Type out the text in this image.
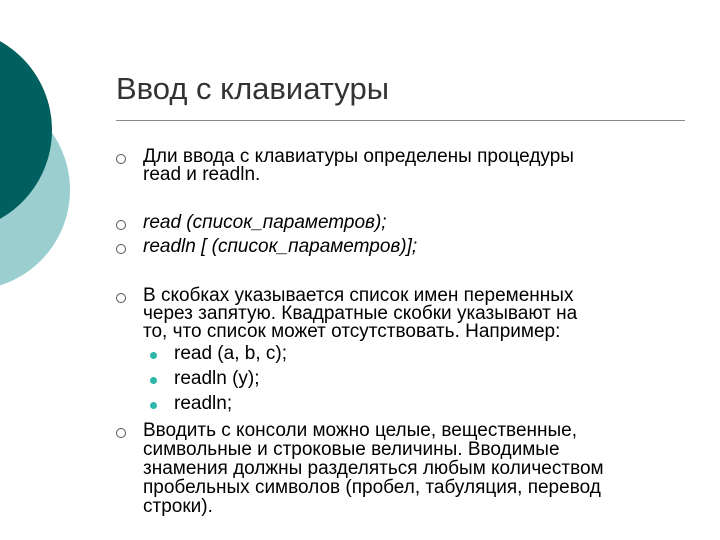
Ввод с клавиатуры
Дли ввода с клавиатуры определены процедуры
read и readln.
read (список_параметров);
readln [ (список_параметров)];
В скобках указывается список имен переменных
через запятую. Квадратные скобки указывают на
то, что список может отсутствовать. Например:
read (a, b, c);
readln (y);
readln;
Вводить с консоли можно целые, вещественные,
символьные и строковые величины. Вводимые
знамения должны разделяться любым количеством
пробельных символов (пробел, табуляция, перевод
строки).
